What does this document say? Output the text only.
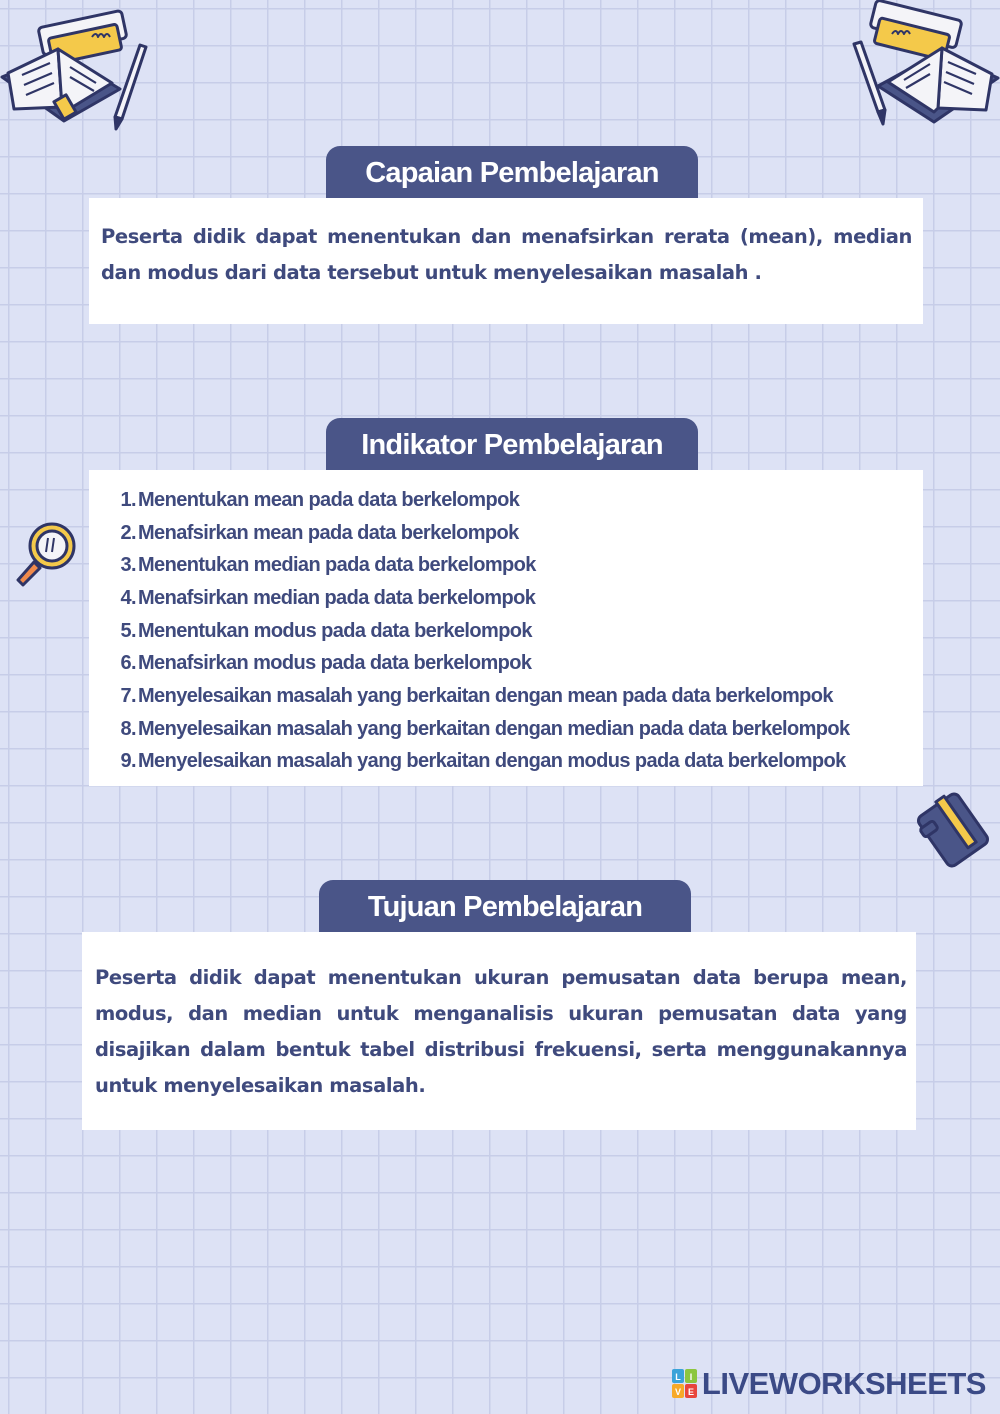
Capaian Pembelajaran

Peserta didik dapat menentukan dan menafsirkan rerata (mean), median dan modus dari data tersebut untuk menyelesaikan masalah .

Indikator Pembelajaran
1. Menentukan mean pada data berkelompok
2. Menafsirkan mean pada data berkelompok
3. Menentukan median pada data berkelompok
4. Menafsirkan median pada data berkelompok
5. Menentukan modus pada data berkelompok
6. Menafsirkan modus pada data berkelompok
7. Menyelesaikan masalah yang berkaitan dengan mean pada data berkelompok
8. Menyelesaikan masalah yang berkaitan dengan median pada data berkelompok
9. Menyelesaikan masalah yang berkaitan dengan modus pada data berkelompok
Tujuan Pembelajaran

Peserta didik dapat menentukan ukuran pemusatan data berupa mean, modus, dan median untuk menganalisis ukuran pemusatan data yang disajikan dalam bentuk tabel distribusi frekuensi, serta menggunakannya untuk menyelesaikan masalah.

L I
V E LIVEWORKSHEETS
